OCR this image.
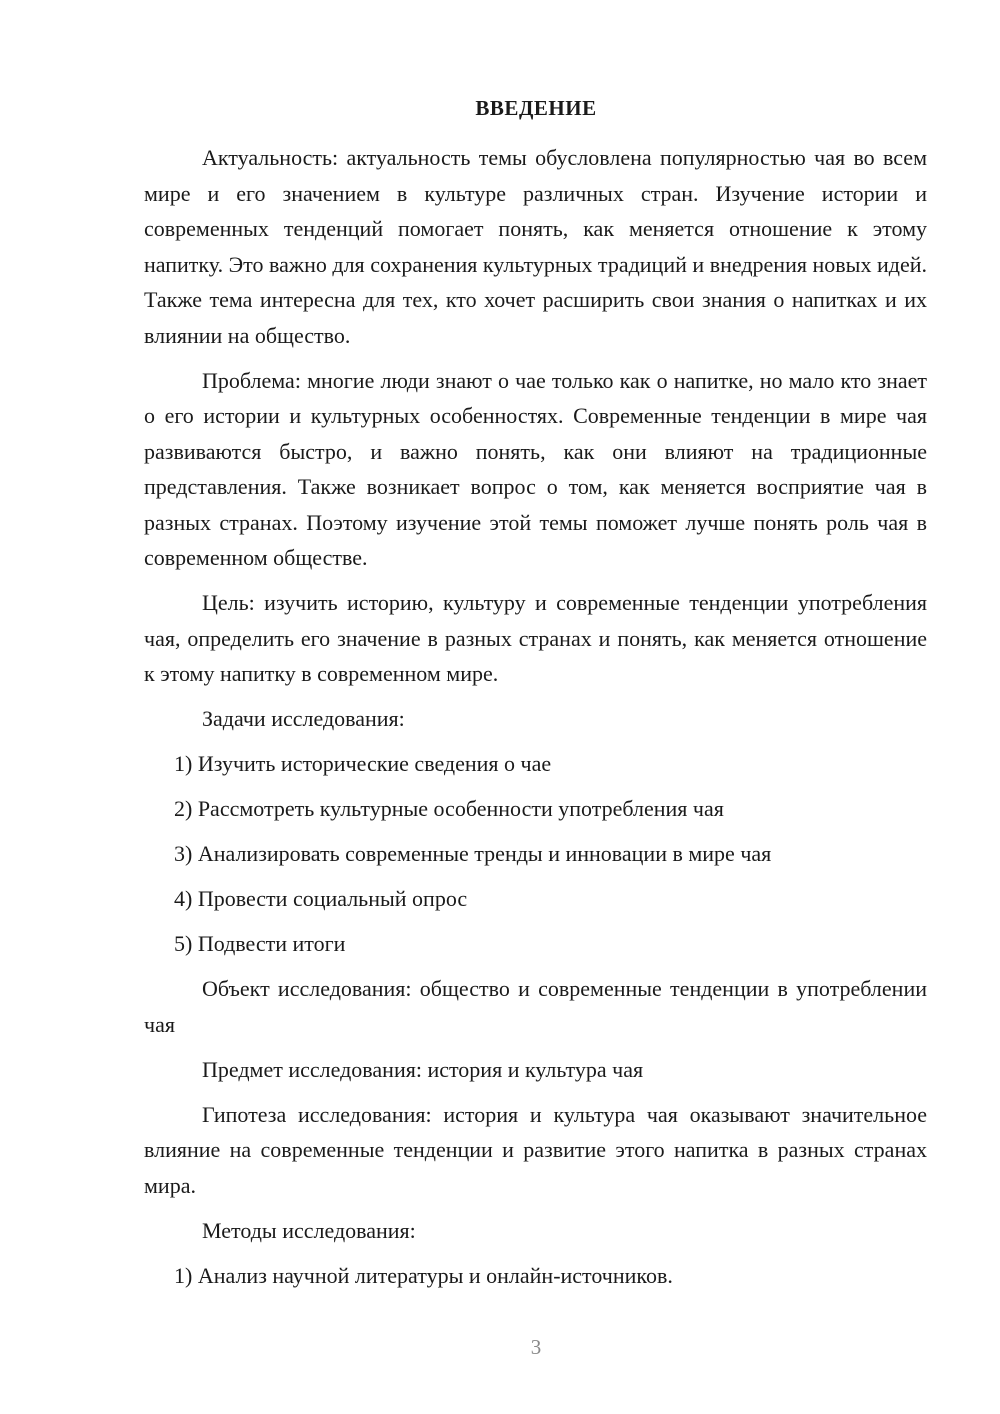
ВВЕДЕНИЕ

Актуальность: актуальность темы обусловлена популярностью чая во всем мире и его значением в культуре различных стран. Изучение истории и современных тенденций помогает понять, как меняется отношение к этому напитку. Это важно для сохранения культурных традиций и внедрения новых идей. Также тема интересна для тех, кто хочет расширить свои знания о напитках и их влиянии на общество.

Проблема: многие люди знают о чае только как о напитке, но мало кто знает о его истории и культурных особенностях. Современные тенденции в мире чая развиваются быстро, и важно понять, как они влияют на традиционные представления. Также возникает вопрос о том, как меняется восприятие чая в разных странах. Поэтому изучение этой темы поможет лучше понять роль чая в современном обществе.

Цель: изучить историю, культуру и современные тенденции употребления чая, определить его значение в разных странах и понять, как меняется отношение к этому напитку в современном мире.

Задачи исследования:

1) Изучить исторические сведения о чае

2) Рассмотреть культурные особенности употребления чая

3) Анализировать современные тренды и инновации в мире чая

4) Провести социальный опрос

5) Подвести итоги

Объект исследования: общество и современные тенденции в употреблении чая

Предмет исследования: история и культура чая

Гипотеза исследования: история и культура чая оказывают значительное влияние на современные тенденции и развитие этого напитка в разных странах мира.

Методы исследования:

1) Анализ научной литературы и онлайн-источников.

3
